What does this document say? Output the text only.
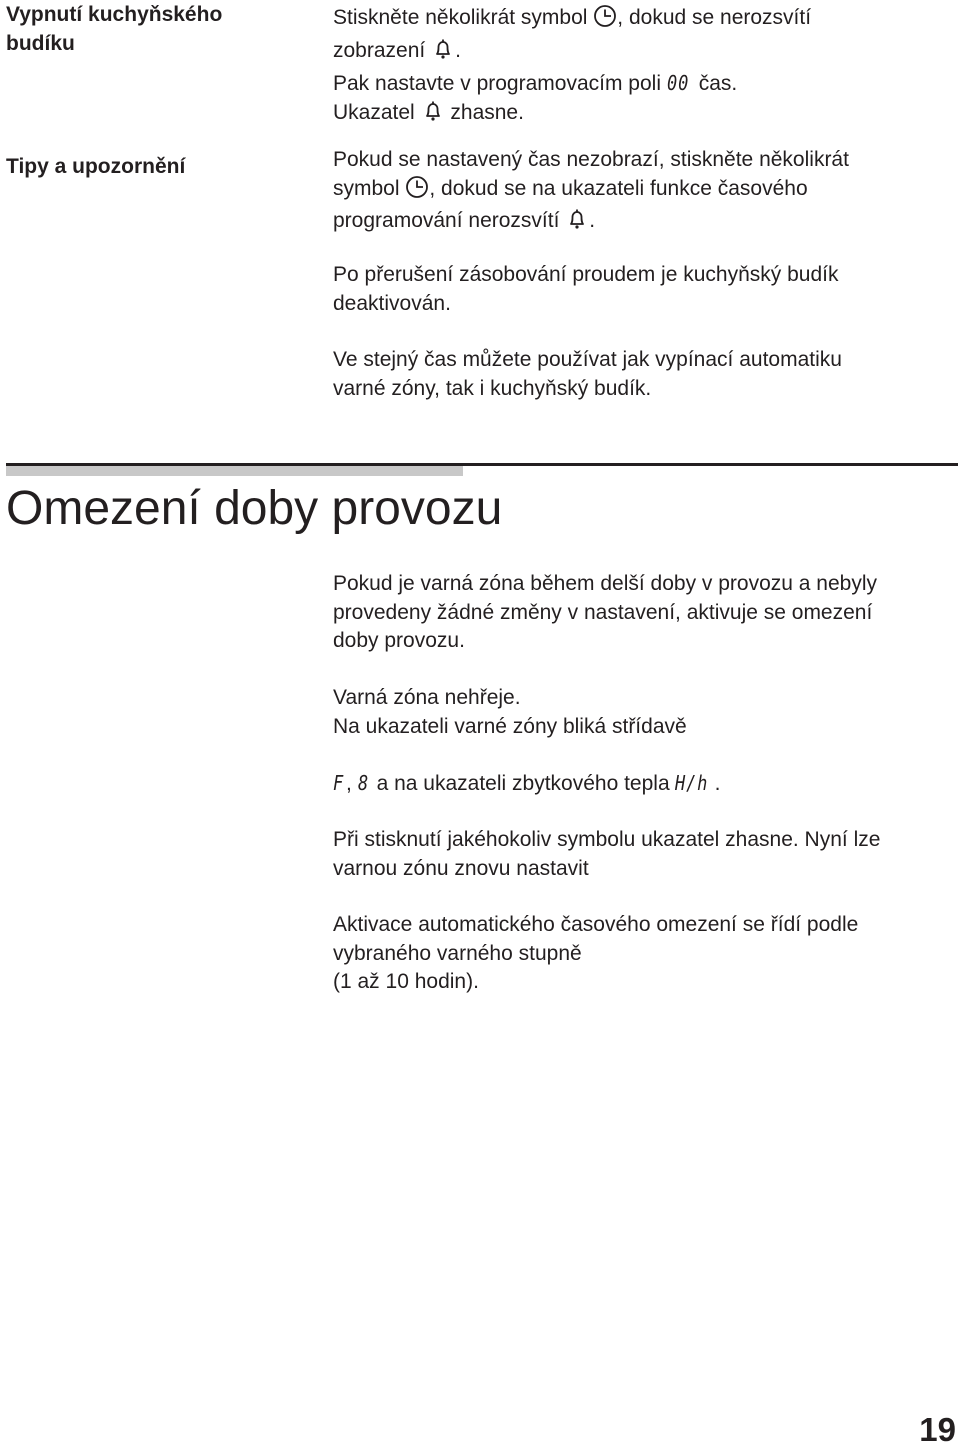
Vypnutí kuchyňského
budíku

Stiskněte několikrát symbol , dokud se nerozsvítí
zobrazení .
Pak nastavte v programovacím poli 00 čas.
Ukazatel zhasne.

Tipy a upozornění	Pokud se nastavený čas nezobrazí, stiskněte několikrát
symbol , dokud se na ukazateli funkce časového
programování nerozsvítí .

Po přerušení zásobování proudem je kuchyňský budík
deaktivován.

Ve stejný čas můžete používat jak vypínací automatiku
varné zóny, tak i kuchyňský budík.

Omezení doby provozu

Pokud je varná zóna během delší doby v provozu a nebyly
provedeny žádné změny v nastavení, aktivuje se omezení
doby provozu.

Varná zóna nehřeje.
Na ukazateli varné zóny bliká střídavě

F, 8 a na ukazateli zbytkového tepla H/h .

Při stisknutí jakéhokoliv symbolu ukazatel zhasne. Nyní lze
varnou zónu znovu nastavit

Aktivace automatického časového omezení se řídí podle
vybraného varného stupně
(1 až 10 hodin).

19
